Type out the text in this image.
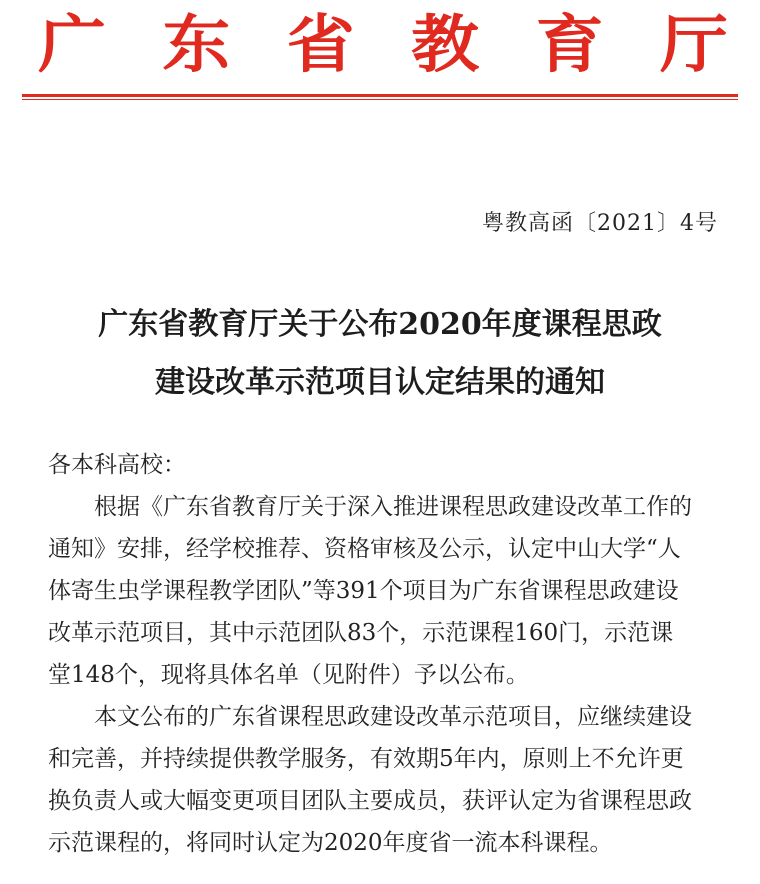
广 东 省 教 育 厅
粤教高函〔2021〕4号
广东省教育厅关于公布2020年度课程思政
建设改革示范项目认定结果的通知

各本科高校：

根据《广东省教育厅关于深入推进课程思政建设改革工作的

通知》安排，经学校推荐、资格审核及公示，认定中山大学“人

体寄生虫学课程教学团队”等391个项目为广东省课程思政建设

改革示范项目，其中示范团队83个，示范课程160门，示范课

堂148个，现将具体名单（见附件）予以公布。

本文公布的广东省课程思政建设改革示范项目，应继续建设

和完善，并持续提供教学服务，有效期5年内，原则上不允许更

换负责人或大幅变更项目团队主要成员，获评认定为省课程思政

示范课程的，将同时认定为2020年度省一流本科课程。
